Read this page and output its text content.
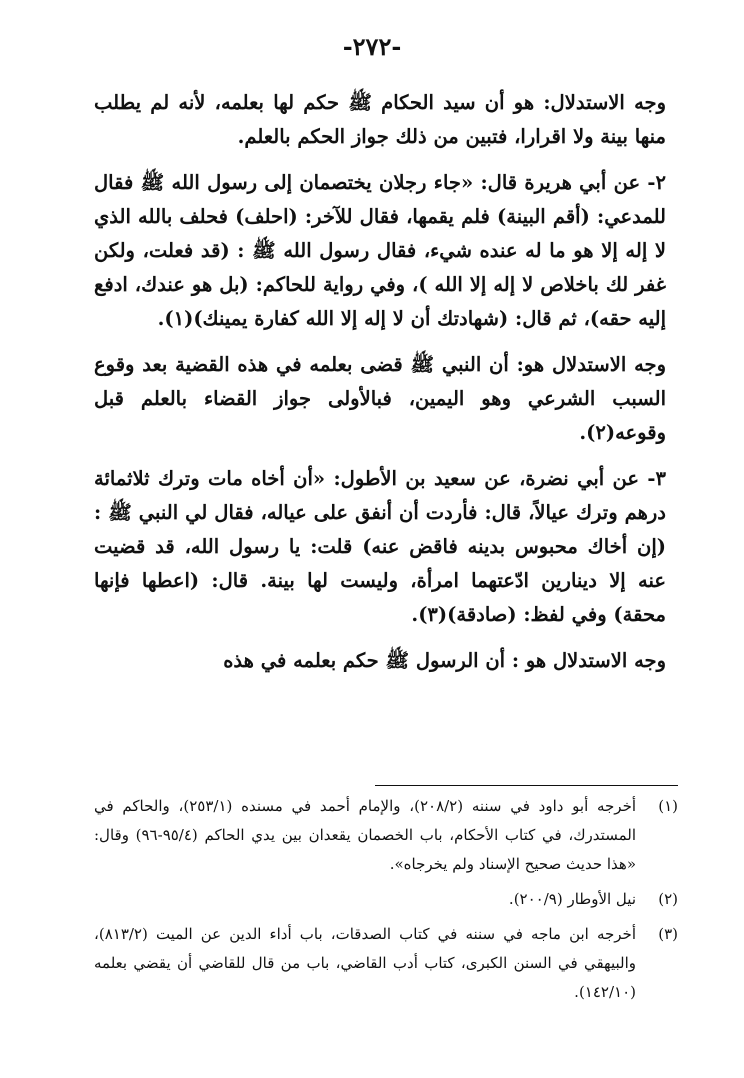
-٢٧٢-

وجه الاستدلال: هو أن سيد الحكام ﷺ حكم لها بعلمه، لأنه لم يطلب منها بينة ولا اقرارا، فتبين من ذلك جواز الحكم بالعلم.

٢- عن أبي هريرة قال: «جاء رجلان يختصمان إلى رسول الله ﷺ فقال للمدعي: (أقم البينة) فلم يقمها، فقال للآخر: (احلف) فحلف بالله الذي لا إله إلا هو ما له عنده شيء، فقال رسول الله ﷺ : (قد فعلت، ولكن غفر لك باخلاص لا إله إلا الله )، وفي رواية للحاكم: (بل هو عندك، ادفع إليه حقه)، ثم قال: (شهادتك أن لا إله إلا الله كفارة يمينك)(١).

وجه الاستدلال هو: أن النبي ﷺ قضى بعلمه في هذه القضية بعد وقوع السبب الشرعي وهو اليمين، فبالأولى جواز القضاء بالعلم قبل وقوعه(٢).

٣- عن أبي نضرة، عن سعيد بن الأطول: «أن أخاه مات وترك ثلاثمائة درهم وترك عيالاً، قال: فأردت أن أنفق على عياله، فقال لي النبي ﷺ : (إن أخاك محبوس بدينه فاقض عنه) قلت: يا رسول الله، قد قضيت عنه إلا دينارين ادّعتهما امرأة، وليست لها بينة. قال: (اعطها فإنها محقة) وفي لفظ: (صادقة)(٣).

وجه الاستدلال هو : أن الرسول ﷺ حكم بعلمه في هذه

(١)
أخرجه أبو داود في سننه (٢٠٨/٢)، والإمام أحمد في مسنده (٢٥٣/١)، والحاكم في المستدرك، في كتاب الأحكام، باب الخصمان يقعدان بين يدي الحاكم (٩٥/٤-٩٦) وقال: «هذا حديث صحيح الإسناد ولم يخرجاه».
(٢)
نيل الأوطار (٢٠٠/٩).
(٣)
أخرجه ابن ماجه في سننه في كتاب الصدقات، باب أداء الدين عن الميت (٨١٣/٢)، والبيهقي في السنن الكبرى، كتاب أدب القاضي، باب من قال للقاضي أن يقضي بعلمه (١٤٢/١٠).
